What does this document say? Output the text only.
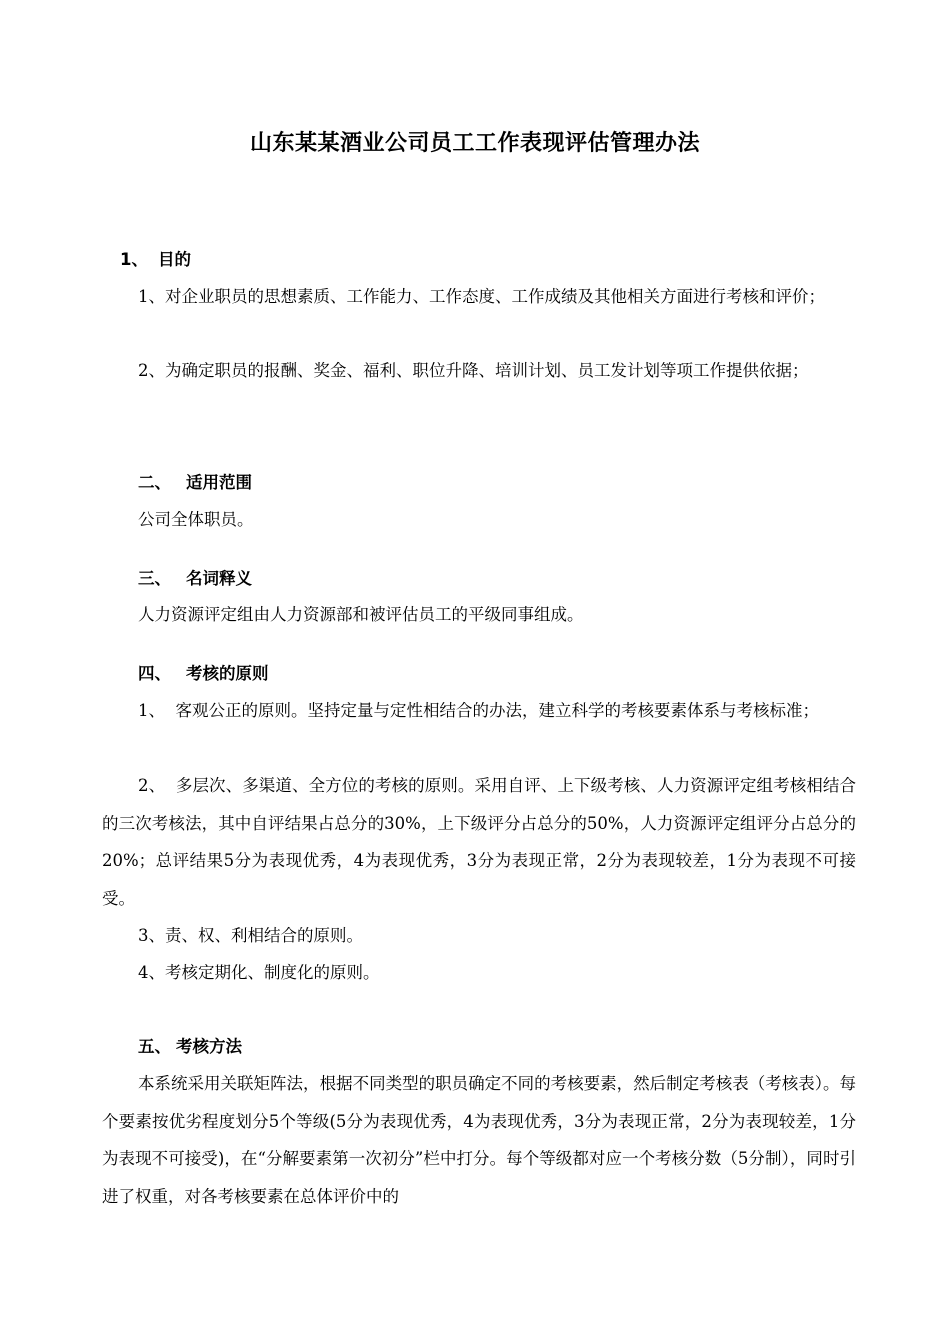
山东某某酒业公司员工工作表现评估管理办法
1、 目的
1、对企业职员的思想素质、工作能力、工作态度、工作成绩及其他相关方面进行考核和评价；
2、为确定职员的报酬、奖金、福利、职位升降、培训计划、员工发计划等项工作提供依据；
二、 适用范围
公司全体职员。
三、 名词释义
人力资源评定组由人力资源部和被评估员工的平级同事组成。
四、 考核的原则
1、  客观公正的原则。坚持定量与定性相结合的办法，建立科学的考核要素体系与考核标准；
2、  多层次、多渠道、全方位的考核的原则。采用自评、上下级考核、人力资源评定组考核相结合的三次考核法，其中自评结果占总分的30%，上下级评分占总分的50%，人力资源评定组评分占总分的20%；总评结果5分为表现优秀，4为表现优秀，3分为表现正常，2分为表现较差，1分为表现不可接受。
3、责、权、利相结合的原则。
4、考核定期化、制度化的原则。
五、 考核方法
本系统采用关联矩阵法，根据不同类型的职员确定不同的考核要素，然后制定考核表（考核表）。每个要素按优劣程度划分5个等级(5分为表现优秀，4为表现优秀，3分为表现正常，2分为表现较差，1分为表现不可接受)，在“分解要素第一次初分”栏中打分。每个等级都对应一个考核分数（5分制），同时引进了权重，对各考核要素在总体评价中的
